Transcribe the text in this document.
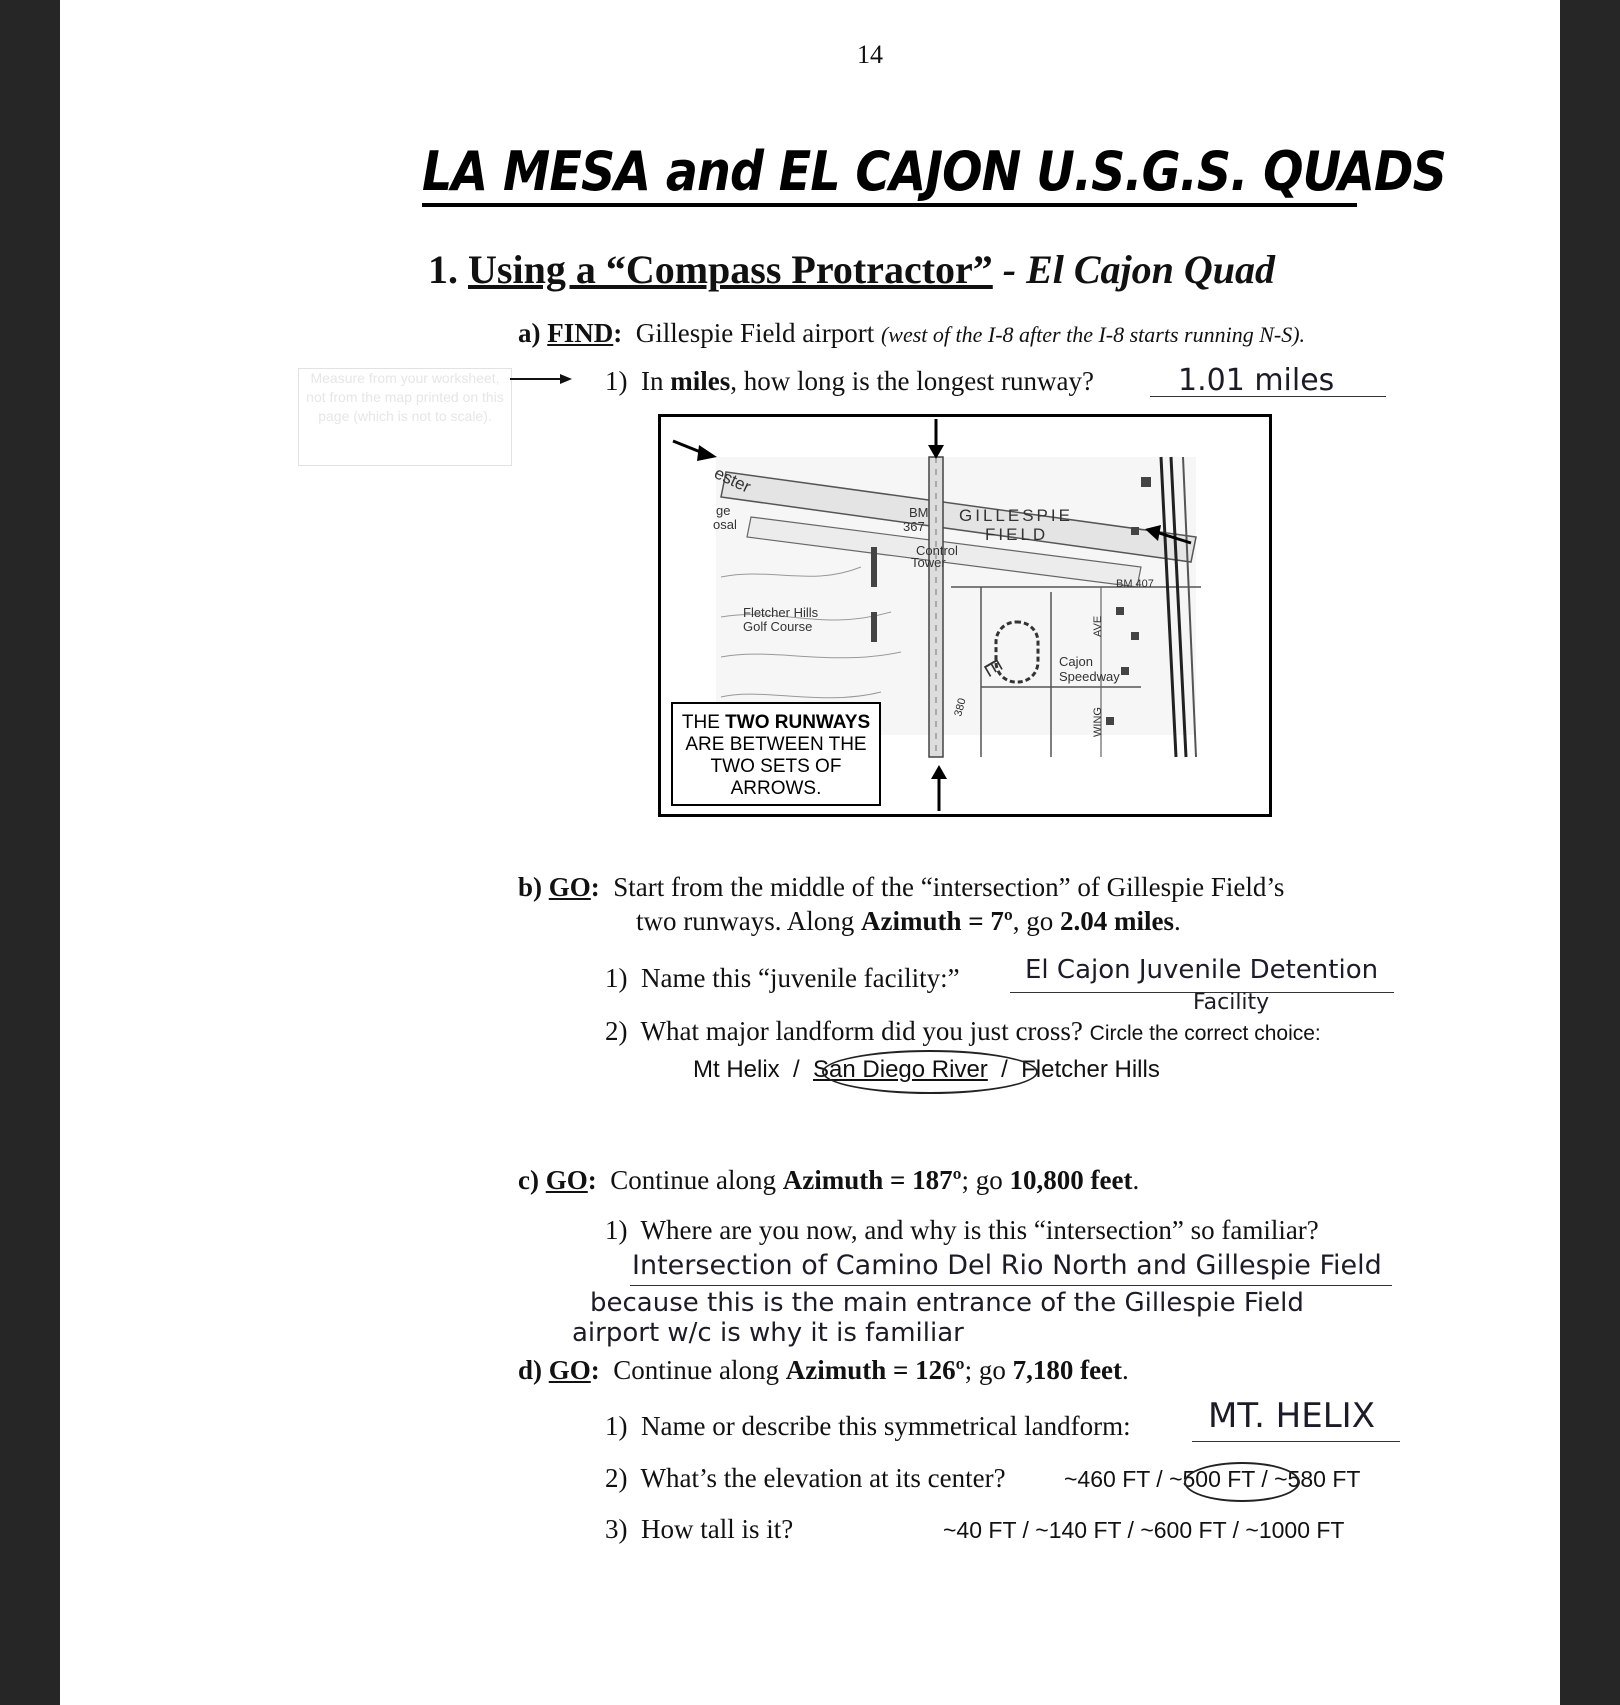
14
LA MESA and EL CAJON U.S.G.S. QUADS
1. Using a “Compass Protractor” - El Cajon Quad
a) FIND: Gillespie Field airport (west of the I-8 after the I-8 starts running N-S).
Measure from your worksheet, not from the map printed on this page (which is not to scale).
1) In miles, how long is the longest runway?	1.01 miles
ester
ge
osal
BM
367
GILLESPIE
FIELD
Control
Tower
Fletcher Hills
Golf Course
BM 407
AVE
Cajon
Speedway
WING
380
E
THE TWO RUNWAYS ARE BETWEEN THE TWO SETS OF ARROWS.
b) GO: Start from the middle of the “intersection” of Gillespie Field’s
two runways. Along Azimuth = 7º, go 2.04 miles.
1) Name this “juvenile facility:”	El Cajon Juvenile Detention
Facility
2) What major landform did you just cross? Circle the correct choice:
Mt Helix / San Diego River / Fletcher Hills
c) GO: Continue along Azimuth = 187º; go 10,800 feet.
1) Where are you now, and why is this “intersection” so familiar?
Intersection of Camino Del Rio North and Gillespie Field
because this is the main entrance of the Gillespie Field
airport w/c is why it is familiar
d) GO: Continue along Azimuth = 126º; go 7,180 feet.
1) Name or describe this symmetrical landform: MT. HELIX
2) What’s the elevation at its center?	~460 FT / ~500 FT / ~580 FT
3) How tall is it?	~40 FT / ~140 FT / ~600 FT / ~1000 FT
